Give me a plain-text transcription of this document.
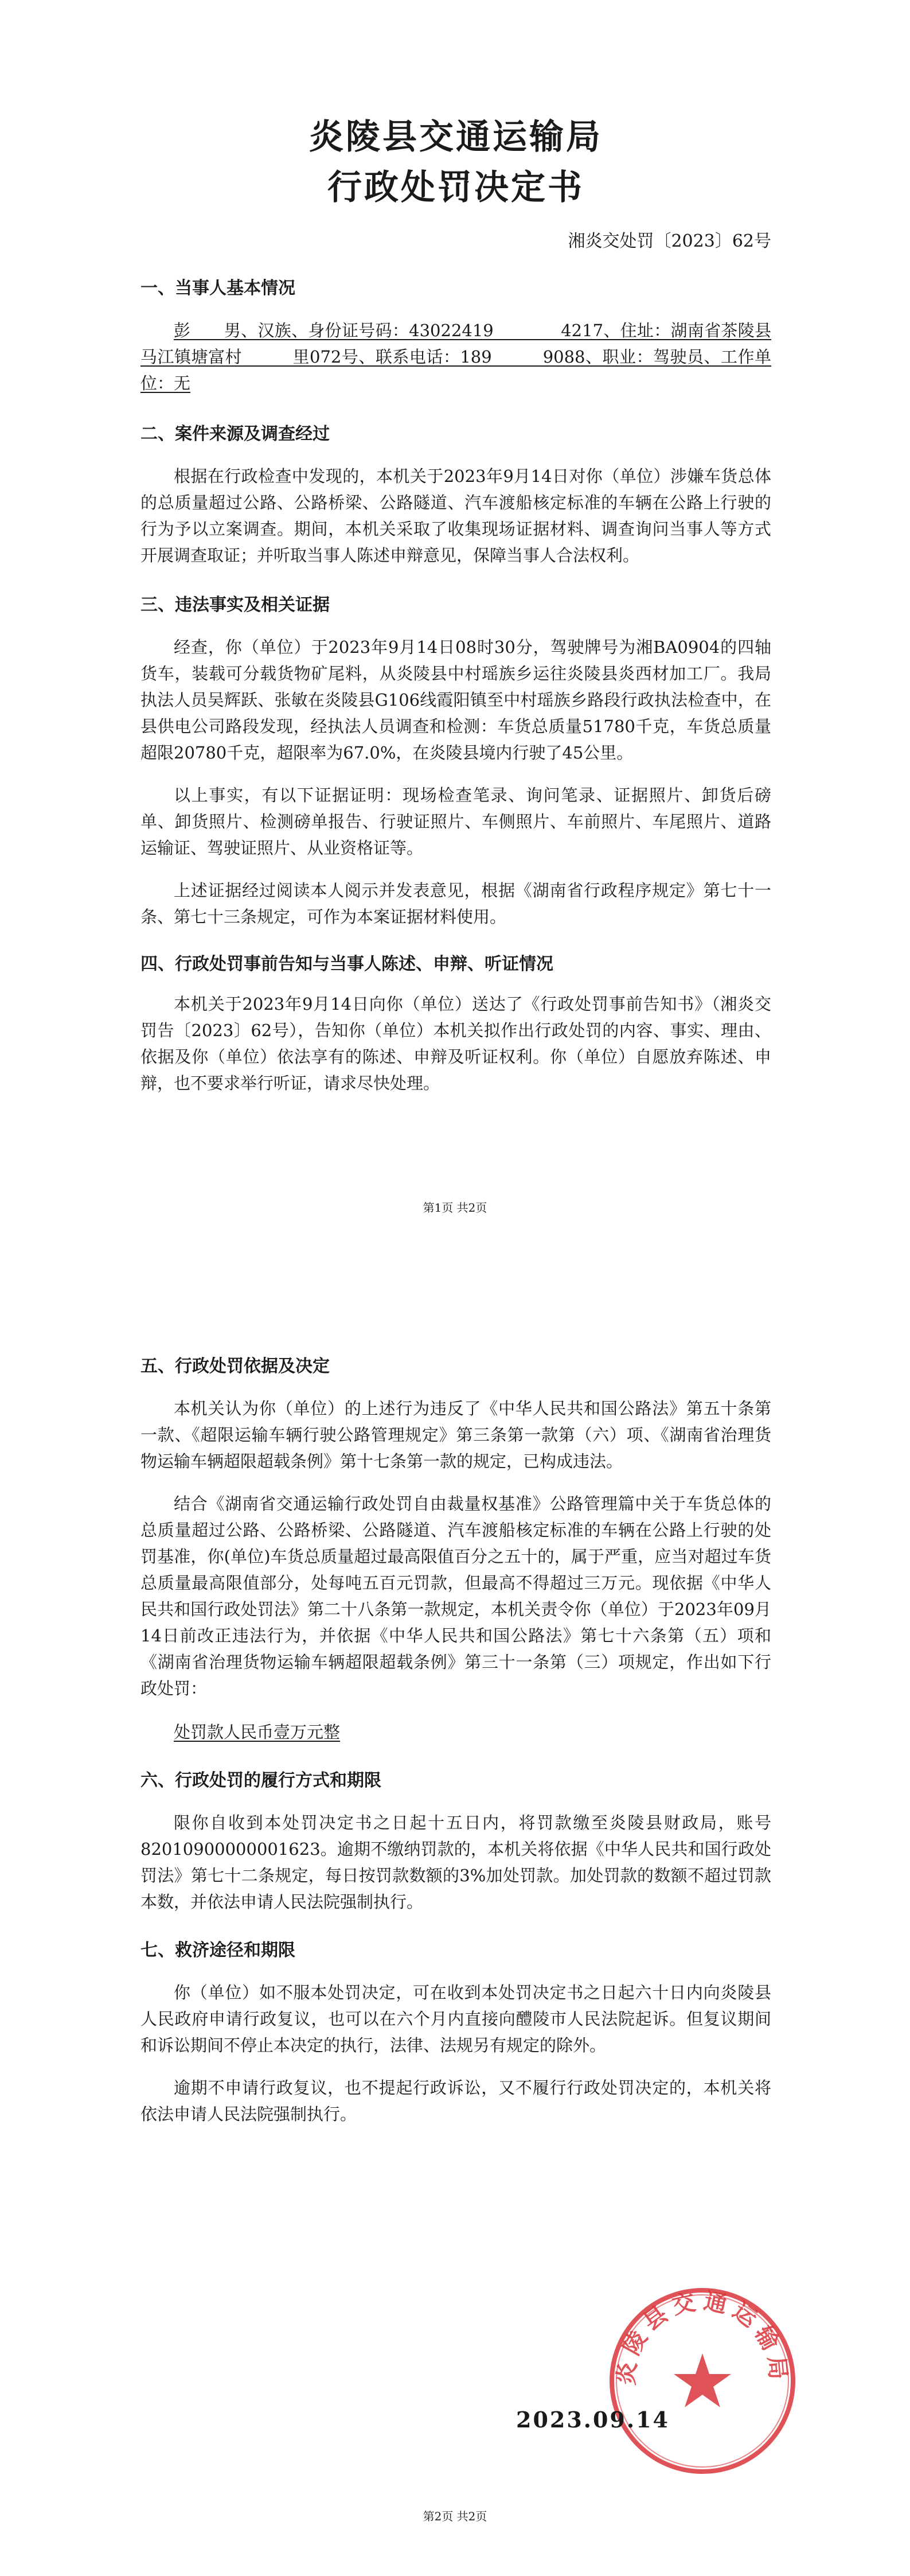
炎陵县交通运输局
行政处罚决定书
湘炎交处罚〔2023〕62号
一、当事人基本情况

彭　　男、汉族、身份证号码：43022419　　　　4217、住址：湖南省茶陵县马江镇塘富村　　　里072号、联系电话：189　　　9088、职业：驾驶员、工作单位：无

二、案件来源及调查经过

根据在行政检查中发现的，本机关于2023年9月14日对你（单位）涉嫌车货总体的总质量超过公路、公路桥梁、公路隧道、汽车渡船核定标准的车辆在公路上行驶的行为予以立案调查。期间，本机关采取了收集现场证据材料、调查询问当事人等方式开展调查取证；并听取当事人陈述申辩意见，保障当事人合法权利。

三、违法事实及相关证据

经查，你（单位）于2023年9月14日08时30分，驾驶牌号为湘BA0904的四轴货车，装载可分载货物矿尾料，从炎陵县中村瑶族乡运往炎陵县炎西材加工厂。我局执法人员吴辉跃、张敏在炎陵县G106线霞阳镇至中村瑶族乡路段行政执法检查中，在县供电公司路段发现，经执法人员调查和检测：车货总质量51780千克，车货总质量超限20780千克，超限率为67.0%，在炎陵县境内行驶了45公里。

以上事实，有以下证据证明：现场检查笔录、询问笔录、证据照片、卸货后磅单、卸货照片、检测磅单报告、行驶证照片、车侧照片、车前照片、车尾照片、道路运输证、驾驶证照片、从业资格证等。

上述证据经过阅读本人阅示并发表意见，根据《湖南省行政程序规定》第七十一条、第七十三条规定，可作为本案证据材料使用。

四、行政处罚事前告知与当事人陈述、申辩、听证情况

本机关于2023年9月14日向你（单位）送达了《行政处罚事前告知书》（湘炎交罚告〔2023〕62号），告知你（单位）本机关拟作出行政处罚的内容、事实、理由、依据及你（单位）依法享有的陈述、申辩及听证权利。你（单位）自愿放弃陈述、申辩，也不要求举行听证，请求尽快处理。

第1页 共2页
五、行政处罚依据及决定

本机关认为你（单位）的上述行为违反了《中华人民共和国公路法》第五十条第一款、《超限运输车辆行驶公路管理规定》第三条第一款第（六）项、《湖南省治理货物运输车辆超限超载条例》第十七条第一款的规定，已构成违法。

结合《湖南省交通运输行政处罚自由裁量权基准》公路管理篇中关于车货总体的总质量超过公路、公路桥梁、公路隧道、汽车渡船核定标准的车辆在公路上行驶的处罚基准，你(单位)车货总质量超过最高限值百分之五十的，属于严重，应当对超过车货总质量最高限值部分，处每吨五百元罚款，但最高不得超过三万元。现依据《中华人民共和国行政处罚法》第二十八条第一款规定，本机关责令你（单位）于2023年09月14日前改正违法行为，并依据《中华人民共和国公路法》第七十六条第（五）项和《湖南省治理货物运输车辆超限超载条例》第三十一条第（三）项规定，作出如下行政处罚：

处罚款人民币壹万元整

六、行政处罚的履行方式和期限

限你自收到本处罚决定书之日起十五日内，将罚款缴至炎陵县财政局，账号82010900000001623。逾期不缴纳罚款的，本机关将依据《中华人民共和国行政处罚法》第七十二条规定，每日按罚款数额的3%加处罚款。加处罚款的数额不超过罚款本数，并依法申请人民法院强制执行。

七、救济途径和期限

你（单位）如不服本处罚决定，可在收到本处罚决定书之日起六十日内向炎陵县人民政府申请行政复议，也可以在六个月内直接向醴陵市人民法院起诉。但复议期间和诉讼期间不停止本决定的执行，法律、法规另有规定的除外。

逾期不申请行政复议，也不提起行政诉讼，又不履行行政处罚决定的，本机关将依法申请人民法院强制执行。

炎陵县交通运输局
2023.09.14
第2页 共2页
